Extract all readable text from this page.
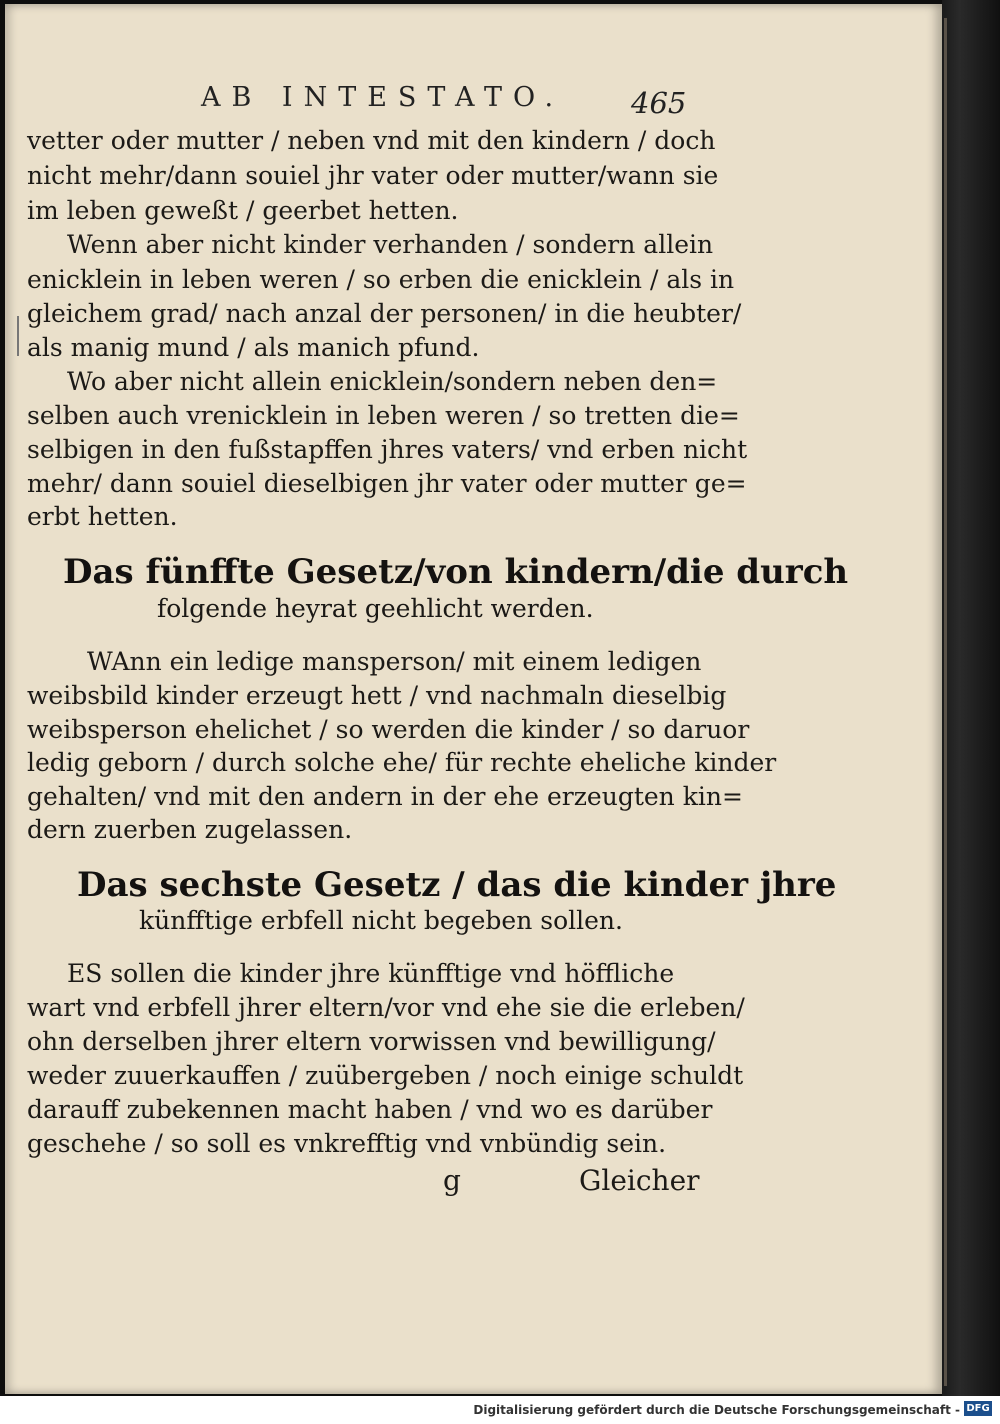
AB INTESTATO. 465
vetter oder mutter / neben vnd mit den kindern / doch
nicht mehr/dann souiel jhr vater oder mutter/wann sie
im leben geweßt / geerbet hetten.
Wenn aber nicht kinder verhanden / sondern allein
enicklein in leben weren / so erben die enicklein / als in
gleichem grad/ nach anzal der personen/ in die heubter/
als manig mund / als manich pfund.
Wo aber nicht allein enicklein/sondern neben den=
selben auch vrenicklein in leben weren / so tretten die=
selbigen in den fußstapffen jhres vaters/ vnd erben nicht
mehr/ dann souiel dieselbigen jhr vater oder mutter ge=
erbt hetten.
Das fünffte Gesetz/von kindern/die durch
folgende heyrat geehlicht werden.
WAnn ein ledige mansperson/ mit einem ledigen
weibsbild kinder erzeugt hett / vnd nachmaln dieselbig
weibsperson ehelichet / so werden die kinder / so daruor
ledig geborn / durch solche ehe/ für rechte eheliche kinder
gehalten/ vnd mit den andern in der ehe erzeugten kin=
dern zuerben zugelassen.
Das sechste Gesetz / das die kinder jhre
künfftige erbfell nicht begeben sollen.
ES sollen die kinder jhre künfftige vnd höffliche
wart vnd erbfell jhrer eltern/vor vnd ehe sie die erleben/
ohn derselben jhrer eltern vorwissen vnd bewilligung/
weder zuuerkauffen / zuübergeben / noch einige schuldt
darauff zubekennen macht haben / vnd wo es darüber
geschehe / so soll es vnkrefftig vnd vnbündig sein.
g	Gleicher
Digitalisierung gefördert durch die Deutsche Forschungsgemeinschaft - DFG
